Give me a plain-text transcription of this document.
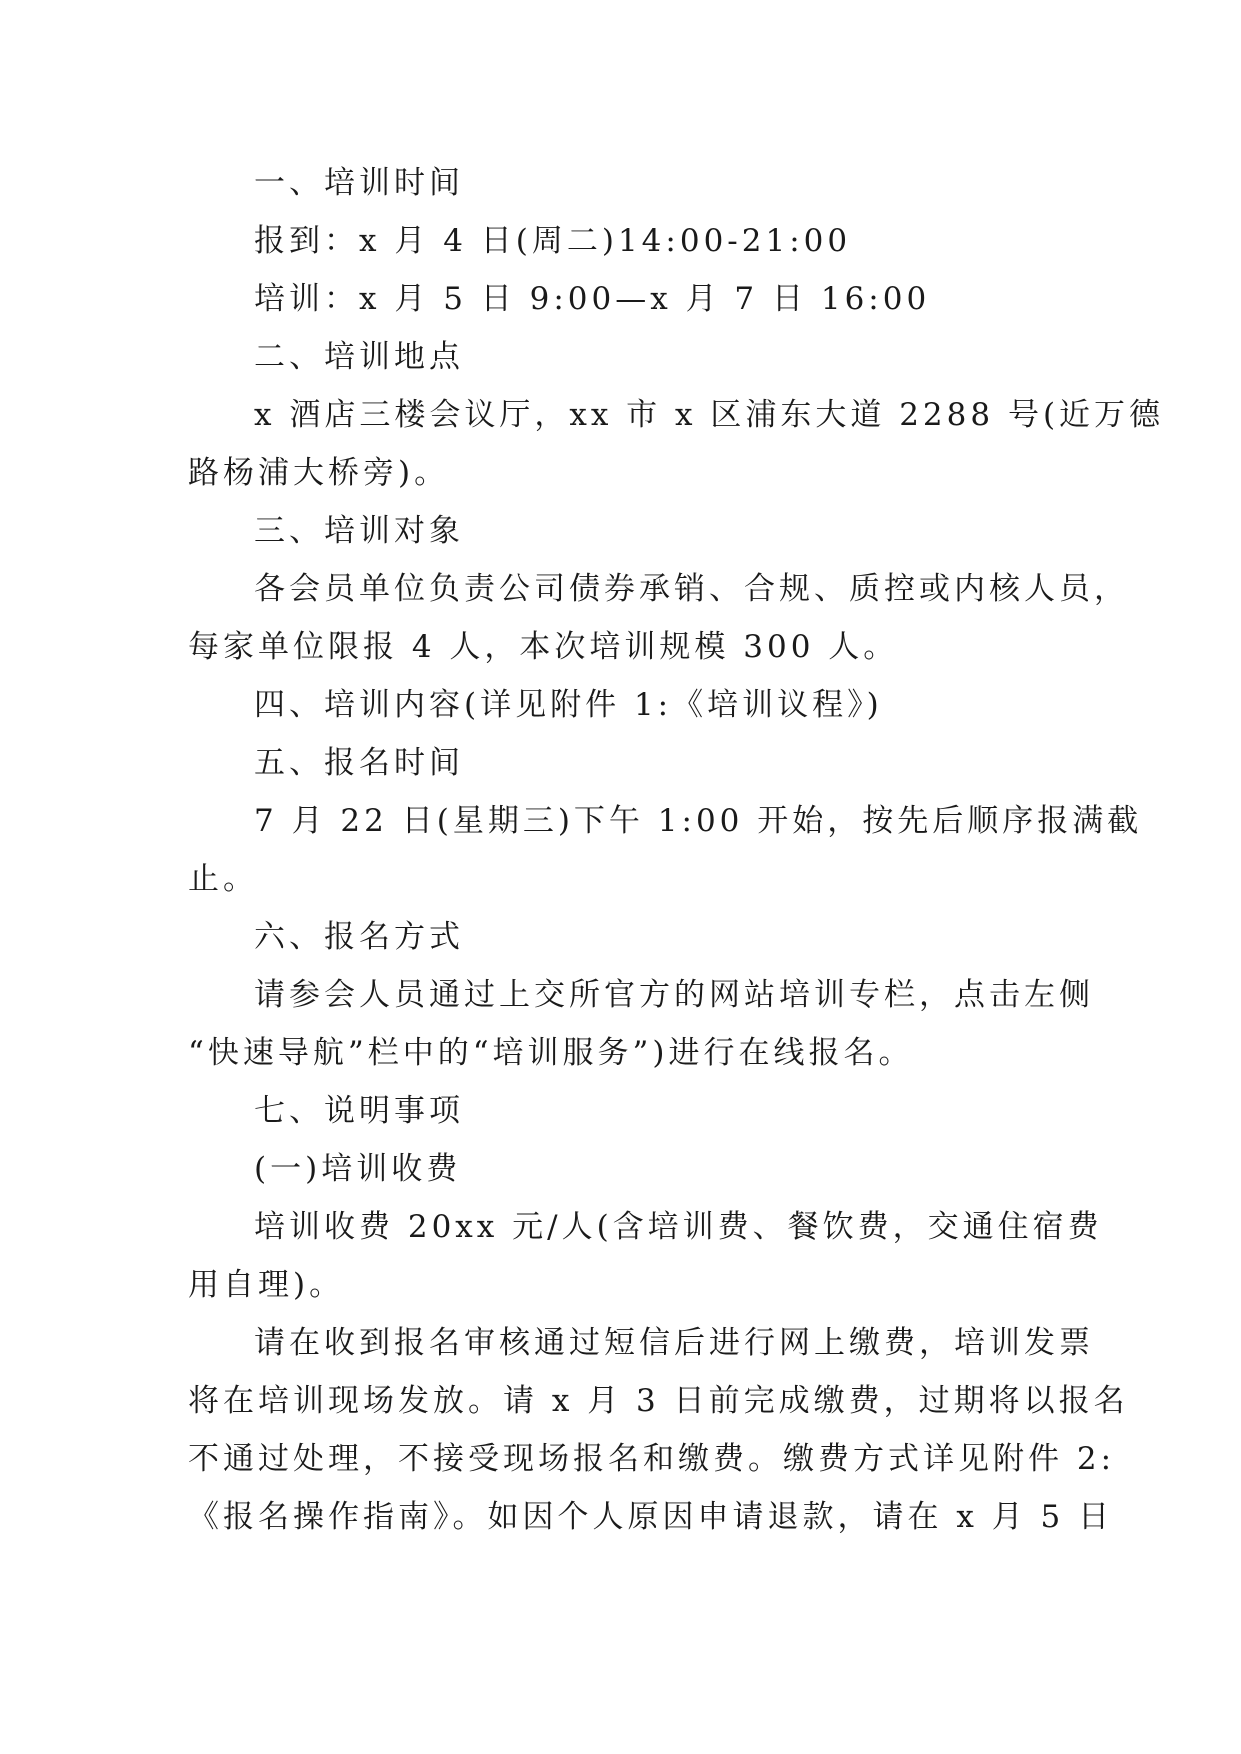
一、培训时间
报到：x 月 4 日(周二)14:00-21:00
培训：x 月 5 日 9:00—x 月 7 日 16:00
二、培训地点
x 酒店三楼会议厅，xx 市 x 区浦东大道 2288 号(近万德
路杨浦大桥旁)。
三、培训对象
各会员单位负责公司债券承销、合规、质控或内核人员，
每家单位限报 4 人，本次培训规模 300 人。
四、培训内容(详见附件 1:《培训议程》)
五、报名时间
7 月 22 日(星期三)下午 1:00 开始，按先后顺序报满截
止。
六、报名方式
请参会人员通过上交所官方的网站培训专栏，点击左侧
“快速导航”栏中的“培训服务”)进行在线报名。
七、说明事项
(一)培训收费
培训收费 20xx 元/人(含培训费、餐饮费，交通住宿费
用自理)。
请在收到报名审核通过短信后进行网上缴费，培训发票
将在培训现场发放。请 x 月 3 日前完成缴费，过期将以报名
不通过处理，不接受现场报名和缴费。缴费方式详见附件 2:
《报名操作指南》。如因个人原因申请退款，请在 x 月 5 日
